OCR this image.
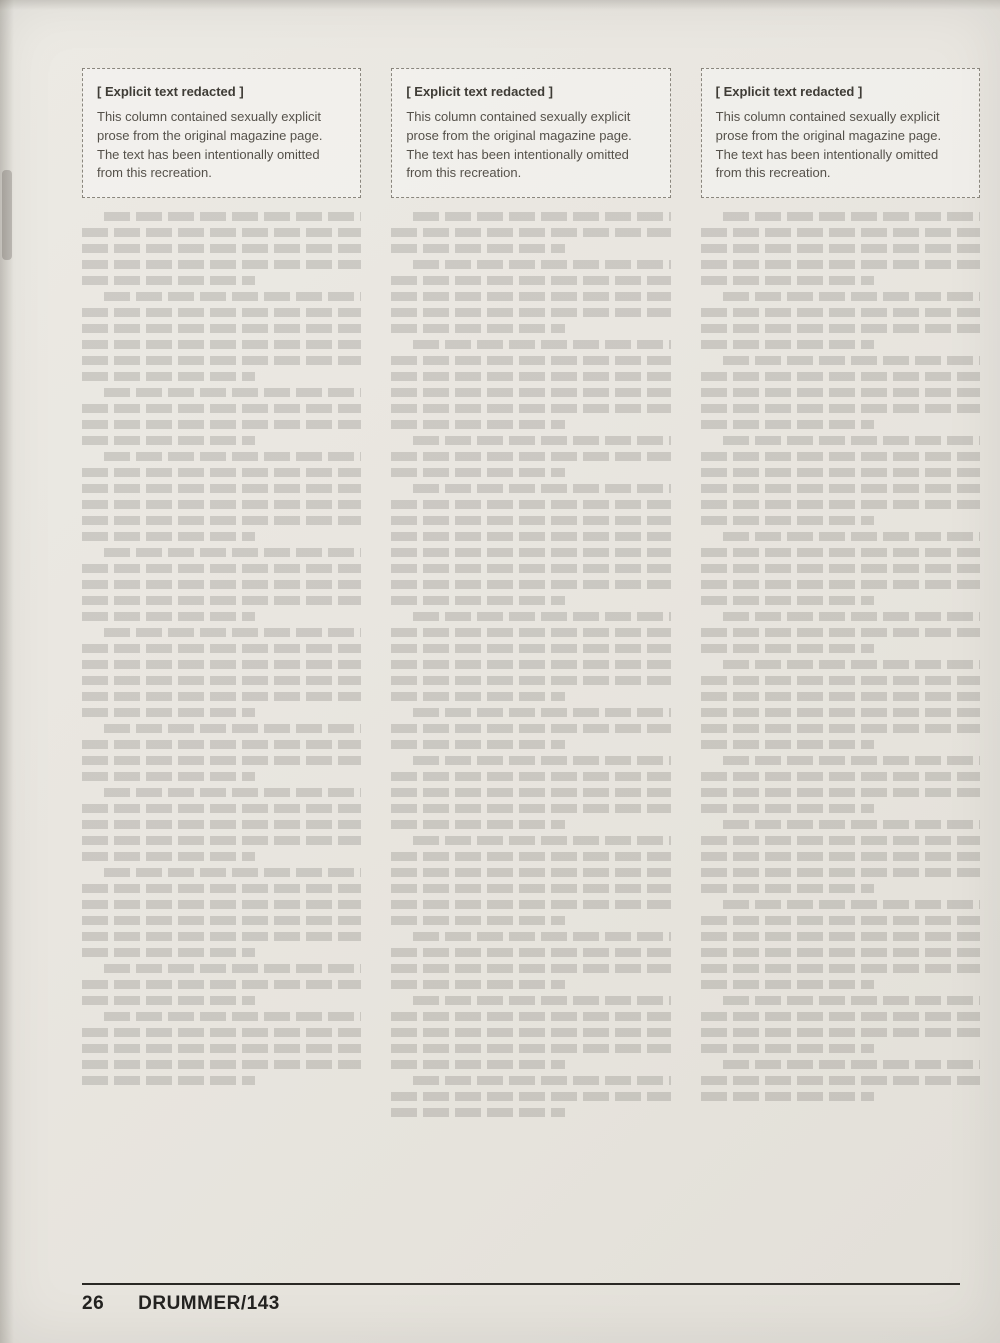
[ Explicit text redacted ]
This column contained sexually explicit prose from the original magazine page. The text has been intentionally omitted from this recreation.
[ Explicit text redacted ]
This column contained sexually explicit prose from the original magazine page. The text has been intentionally omitted from this recreation.
[ Explicit text redacted ]
This column contained sexually explicit prose from the original magazine page. The text has been intentionally omitted from this recreation.
26 DRUMMER/143
